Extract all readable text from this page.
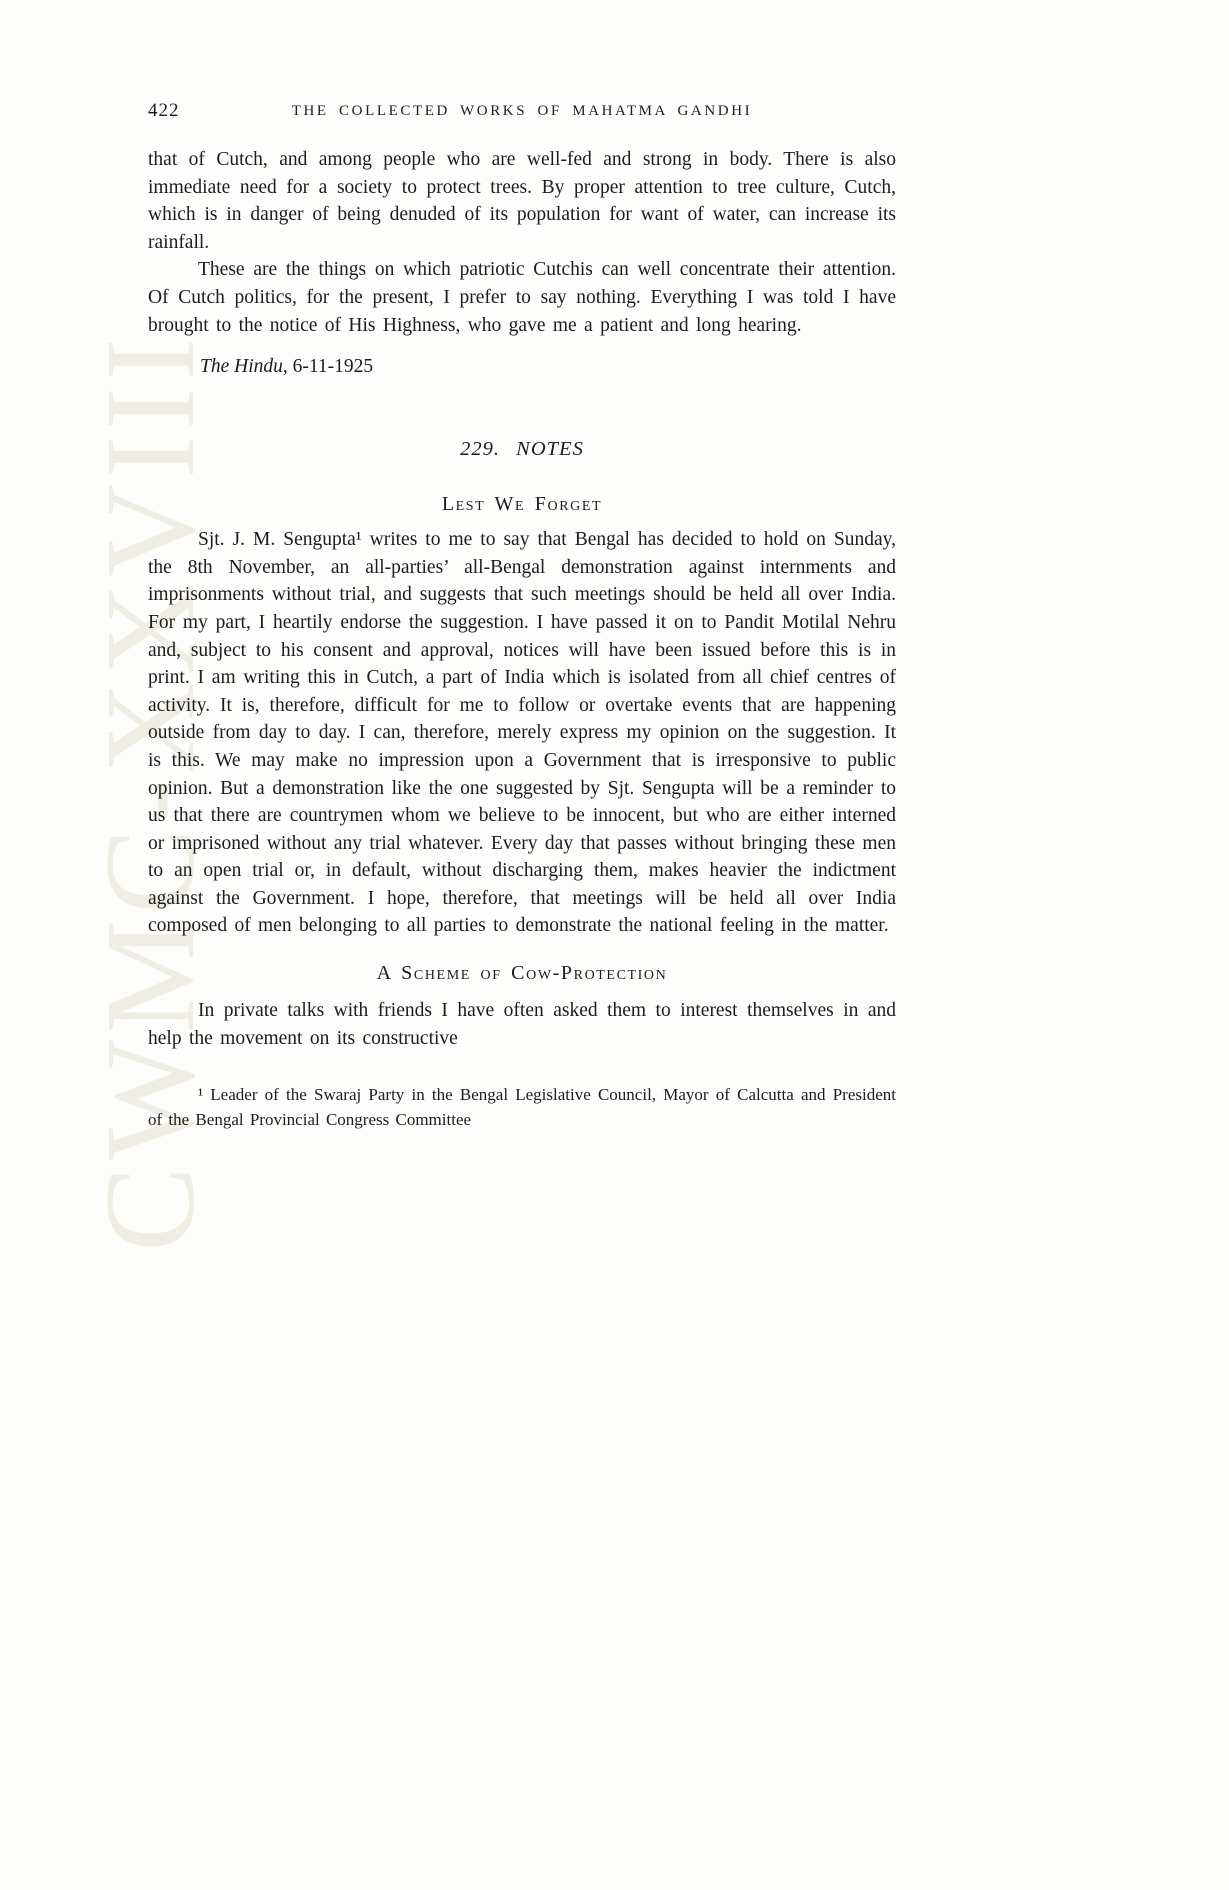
CWMC-XXVIII
422	THE COLLECTED WORKS OF MAHATMA GANDHI

that of Cutch, and among people who are well-fed and strong in body. There is also immediate need for a society to protect trees. By proper attention to tree culture, Cutch, which is in danger of being denuded of its population for want of water, can increase its rainfall.

These are the things on which patriotic Cutchis can well concentrate their attention. Of Cutch politics, for the present, I prefer to say nothing. Everything I was told I have brought to the notice of His Highness, who gave me a patient and long hearing.

The Hindu, 6-11-1925

229. NOTES

Lest We Forget

Sjt. J. M. Sengupta¹ writes to me to say that Bengal has decided to hold on Sunday, the 8th November, an all-parties’ all-Bengal demonstration against internments and imprisonments without trial, and suggests that such meetings should be held all over India. For my part, I heartily endorse the suggestion. I have passed it on to Pandit Motilal Nehru and, subject to his consent and approval, notices will have been issued before this is in print. I am writing this in Cutch, a part of India which is isolated from all chief centres of activity. It is, therefore, difficult for me to follow or overtake events that are happening outside from day to day. I can, therefore, merely express my opinion on the suggestion. It is this. We may make no impression upon a Government that is irresponsive to public opinion. But a demonstration like the one suggested by Sjt. Sengupta will be a reminder to us that there are countrymen whom we believe to be innocent, but who are either interned or imprisoned without any trial whatever. Every day that passes without bringing these men to an open trial or, in default, without discharging them, makes heavier the indictment against the Government. I hope, therefore, that meetings will be held all over India composed of men belonging to all parties to demonstrate the national feeling in the matter.

A Scheme of Cow-Protection

In private talks with friends I have often asked them to interest themselves in and help the movement on its constructive

¹ Leader of the Swaraj Party in the Bengal Legislative Council, Mayor of Calcutta and President of the Bengal Provincial Congress Committee
